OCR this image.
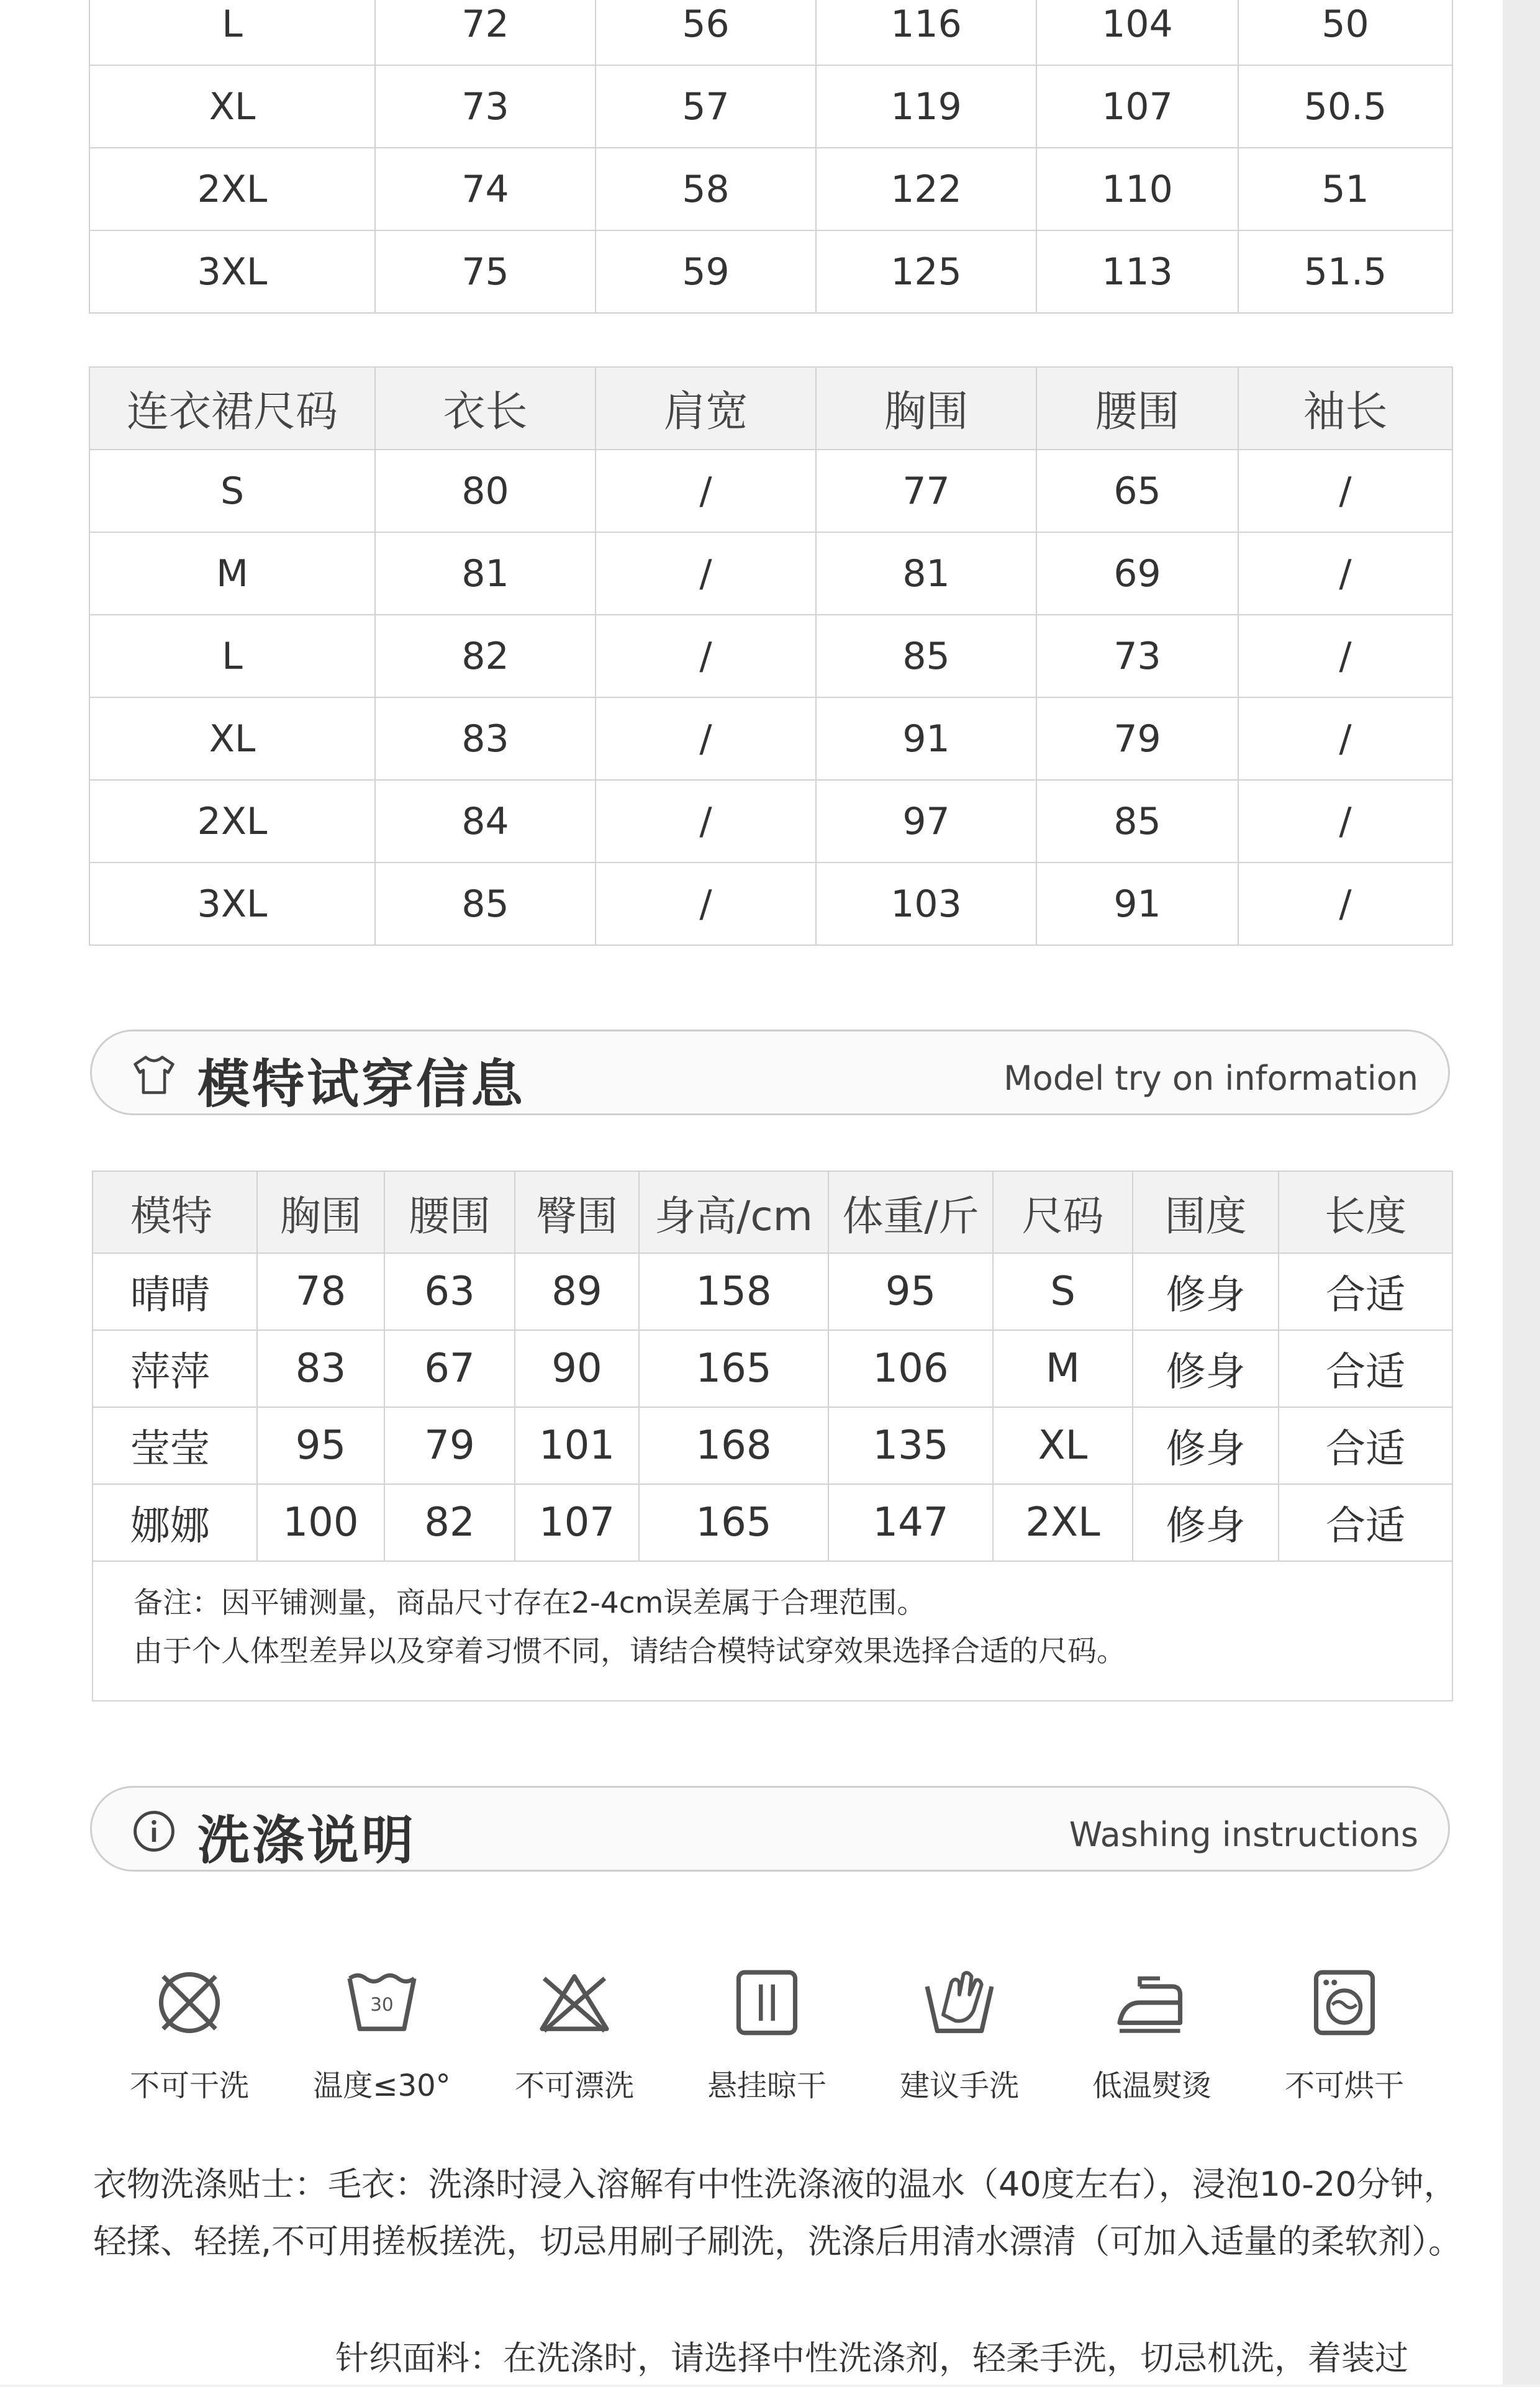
L	72	56	116	104	50
XL	73	57	119	107	50.5
2XL	74	58	122	110	51
3XL	75	59	125	113	51.5
连衣裙尺码	衣长	肩宽	胸围	腰围	袖长
S	80	/	77	65	/
M	81	/	81	69	/
L	82	/	85	73	/
XL	83	/	91	79	/
2XL	84	/	97	85	/
3XL	85	/	103	91	/
模特试穿信息	Model try on information
模特	胸围	腰围	臀围	身高/cm	体重/斤	尺码	围度	长度
晴晴	78	63	89	158	95	S	修身	合适
萍萍	83	67	90	165	106	M	修身	合适
莹莹	95	79	101	168	135	XL	修身	合适
娜娜	100	82	107	165	147	2XL	修身	合适

备注：因平铺测量，商品尺寸存在2-4cm误差属于合理范围。
由于个人体型差异以及穿着习惯不同，请结合模特试穿效果选择合适的尺码。								
洗涤说明	Washing instructions
不可干洗
30
温度≤30°	不可漂洗	悬挂晾干	建议手洗	低温熨烫	不可烘干
衣物洗涤贴士：毛衣：洗涤时浸入溶解有中性洗涤液的温水（40度左右），浸泡10-20分钟，轻揉、轻搓,不可用搓板搓洗，切忌用刷子刷洗，洗涤后用清水漂清（可加入适量的柔软剂）。
针织面料：在洗涤时，请选择中性洗涤剂，轻柔手洗，切忌机洗，着装过
